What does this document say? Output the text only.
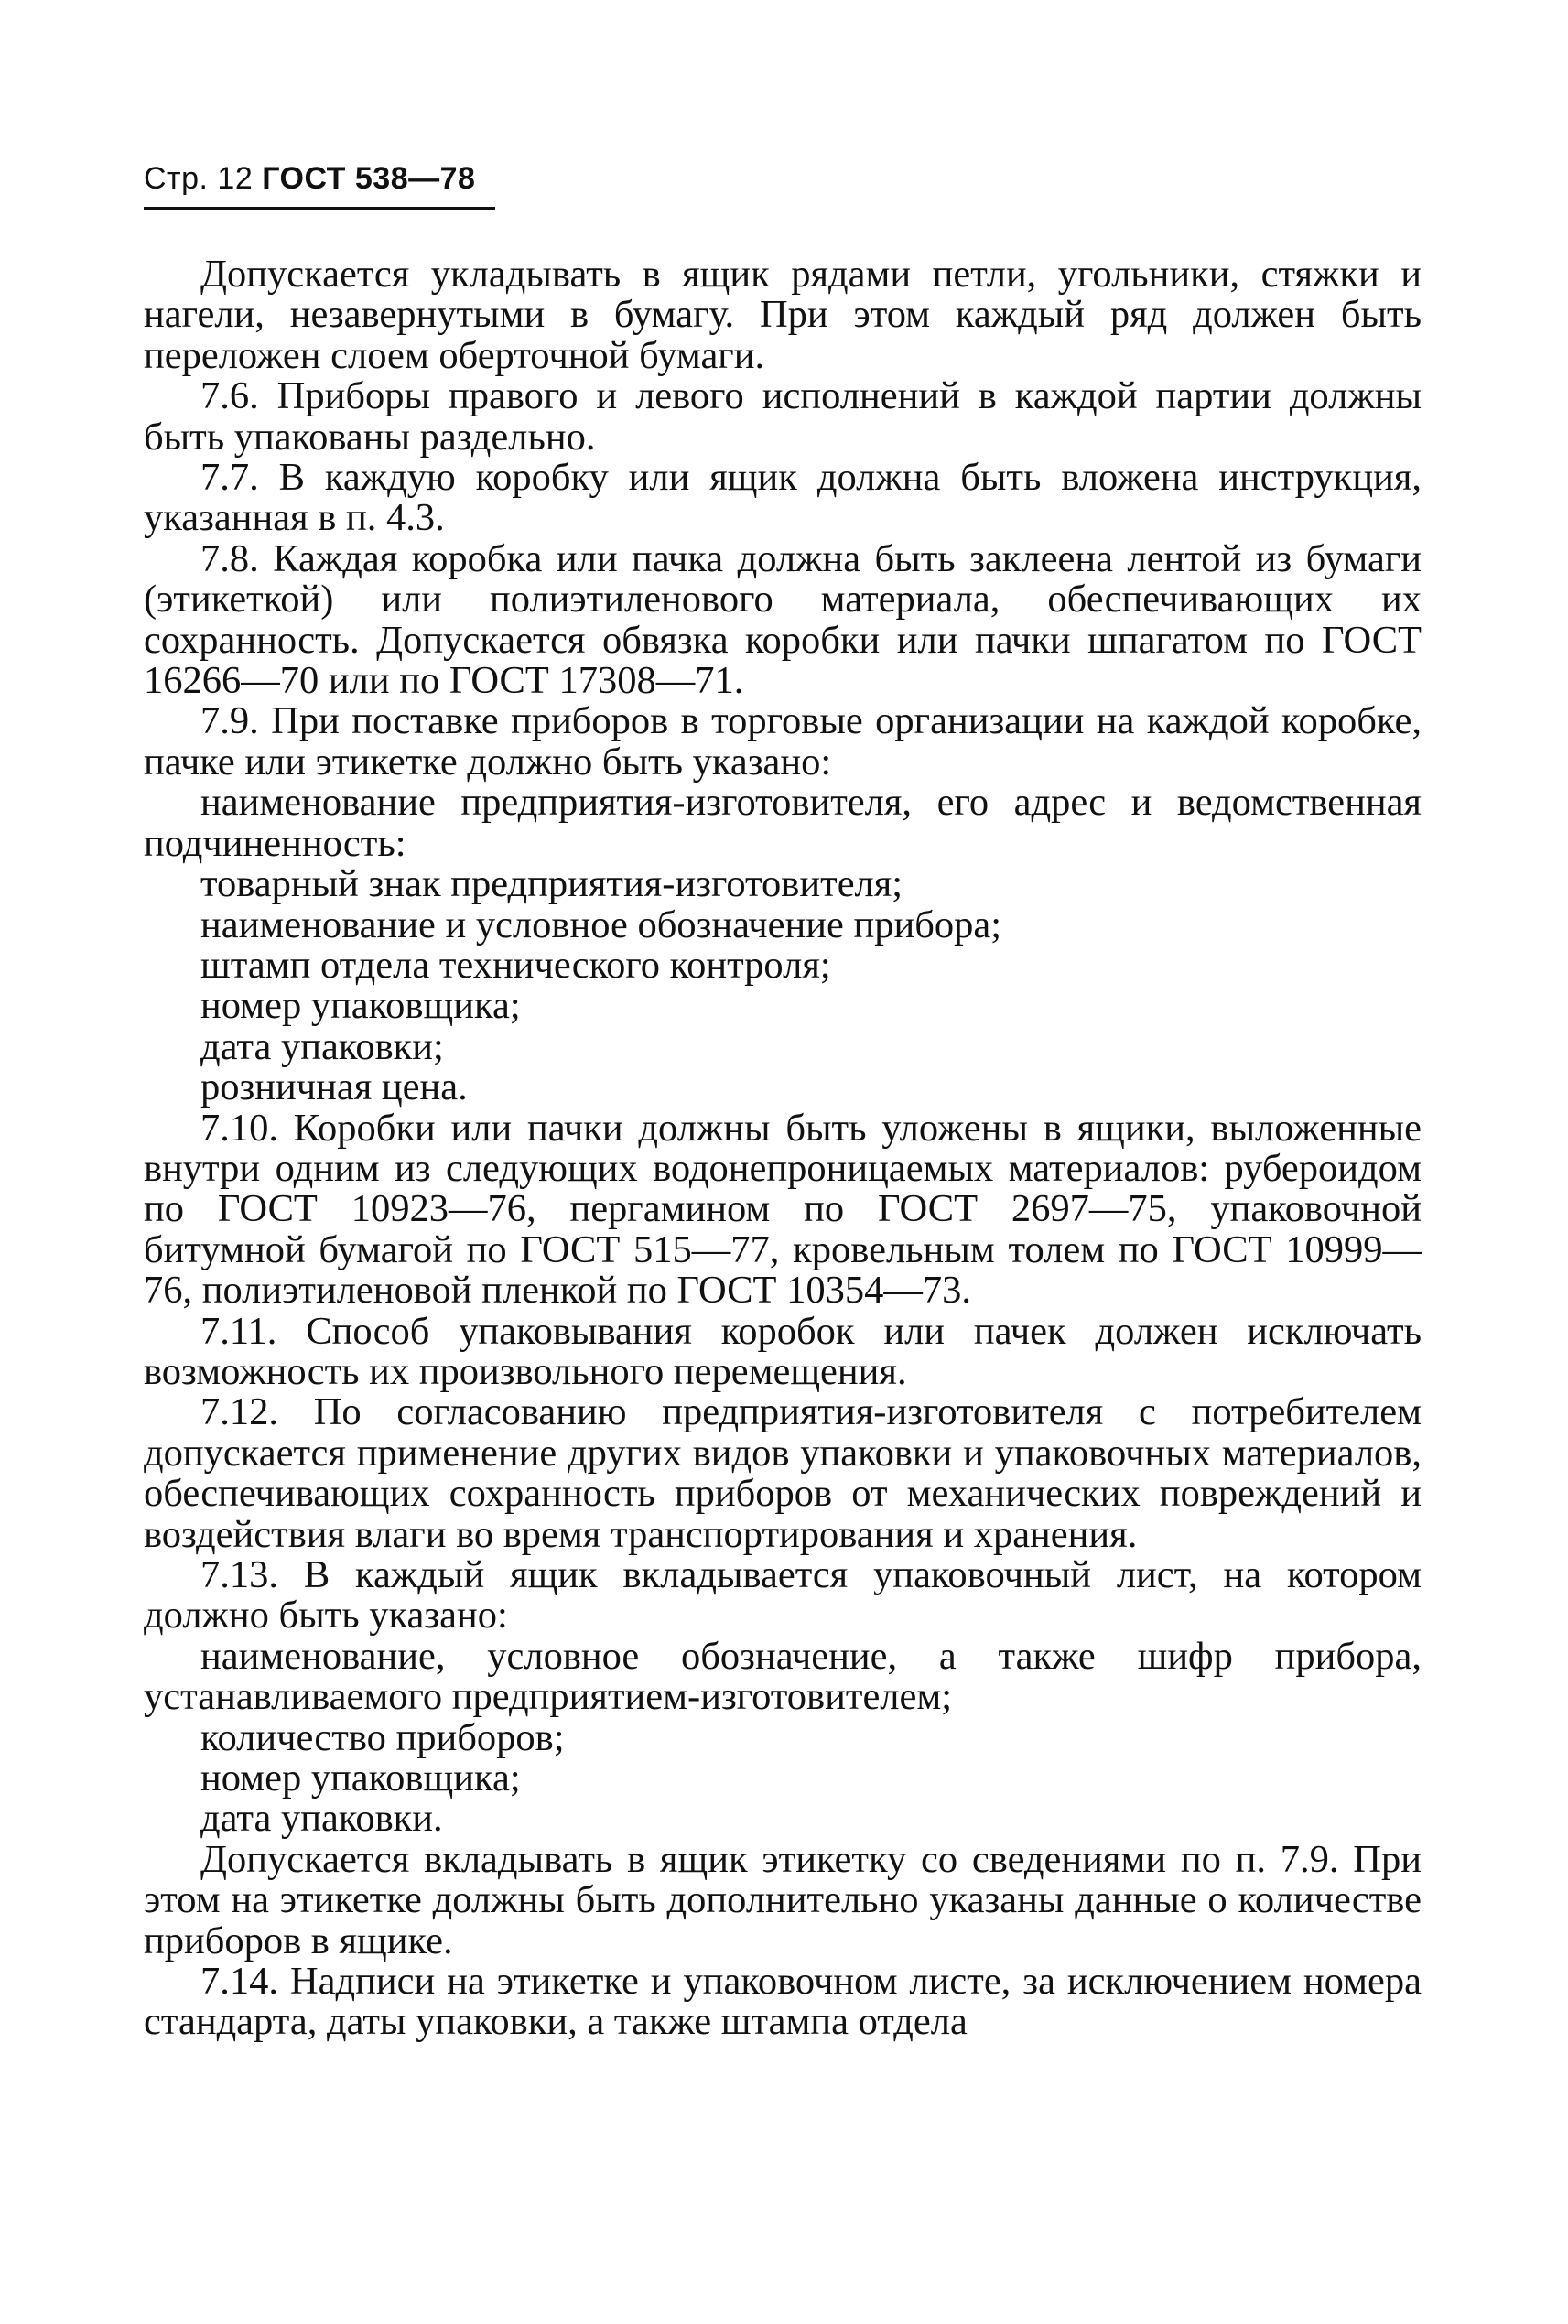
Стр. 12 ГОСТ 538—78

Допускается укладывать в ящик рядами петли, угольники, стяжки и нагели, незавернутыми в бумагу. При этом каждый ряд должен быть переложен слоем оберточной бумаги.

7.6. Приборы правого и левого исполнений в каждой партии должны быть упакованы раздельно.

7.7. В каждую коробку или ящик должна быть вложена инструкция, указанная в п. 4.3.

7.8. Каждая коробка или пачка должна быть заклеена лентой из бумаги (этикеткой) или полиэтиленового материала, обеспечивающих их сохранность. Допускается обвязка коробки или пачки шпагатом по ГОСТ 16266—70 или по ГОСТ 17308—71.

7.9. При поставке приборов в торговые организации на каждой коробке, пачке или этикетке должно быть указано:

наименование предприятия-изготовителя, его адрес и ведомственная подчиненность:

товарный знак предприятия-изготовителя;

наименование и условное обозначение прибора;

штамп отдела технического контроля;

номер упаковщика;

дата упаковки;

розничная цена.

7.10. Коробки или пачки должны быть уложены в ящики, выложенные внутри одним из следующих водонепроницаемых материалов: рубероидом по ГОСТ 10923—76, пергамином по ГОСТ 2697—75, упаковочной битумной бумагой по ГОСТ 515—77, кровельным толем по ГОСТ 10999—76, полиэтиленовой пленкой по ГОСТ 10354—73.

7.11. Способ упаковывания коробок или пачек должен исключать возможность их произвольного перемещения.

7.12. По согласованию предприятия-изготовителя с потребителем допускается применение других видов упаковки и упаковочных материалов, обеспечивающих сохранность приборов от механических повреждений и воздействия влаги во время транспортирования и хранения.

7.13. В каждый ящик вкладывается упаковочный лист, на котором должно быть указано:

наименование, условное обозначение, а также шифр прибора, устанавливаемого предприятием-изготовителем;

количество приборов;

номер упаковщика;

дата упаковки.

Допускается вкладывать в ящик этикетку со сведениями по п. 7.9. При этом на этикетке должны быть дополнительно указаны данные о количестве приборов в ящике.

7.14. Надписи на этикетке и упаковочном листе, за исключением номера стандарта, даты упаковки, а также штампа отдела
